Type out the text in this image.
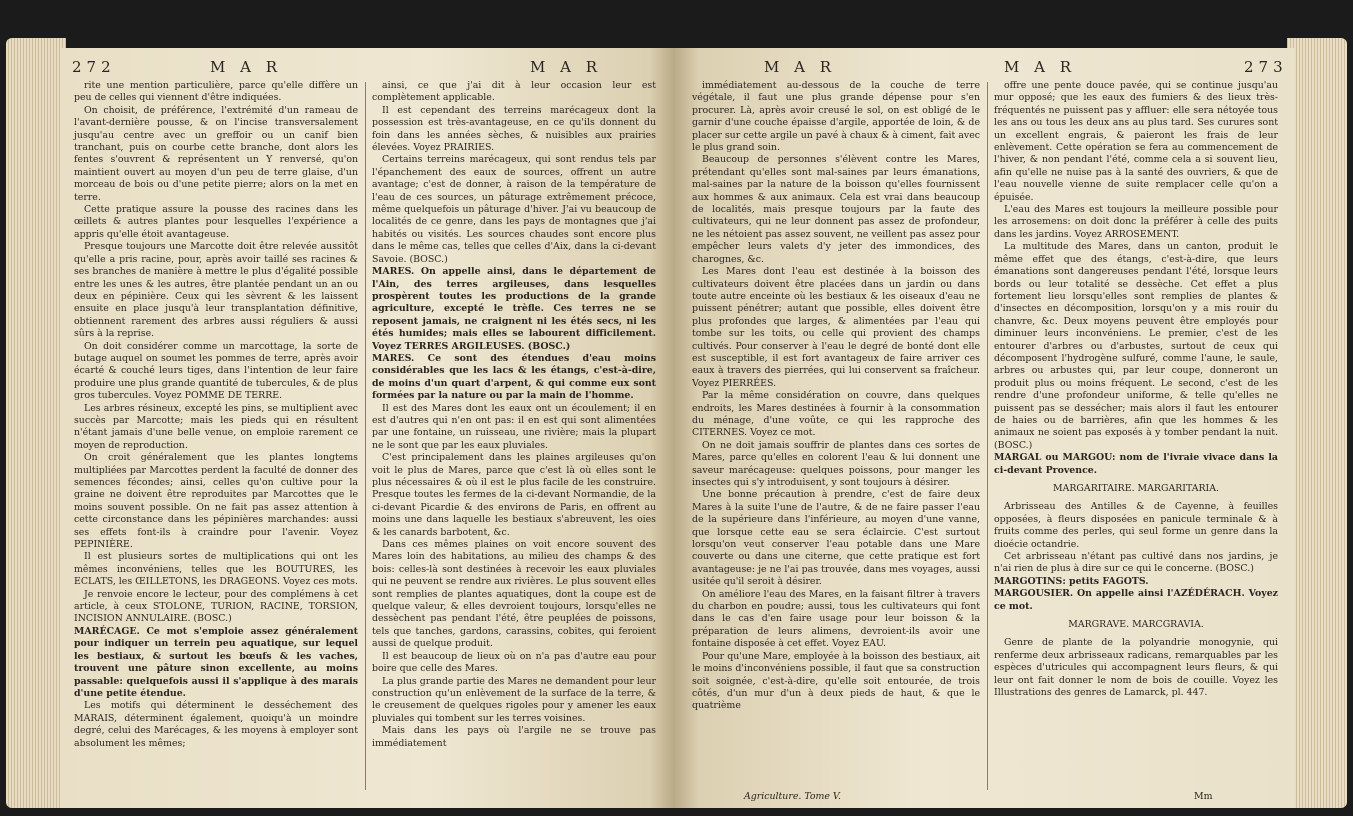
272	M A R	M A R

rite une mention particulière, parce qu'elle diffère un peu de celles qui viennent d'être indiquées.

On choisit, de préférence, l'extrémité d'un rameau de l'avant-dernière pousse, & on l'incise transversalement jusqu'au centre avec un greffoir ou un canif bien tranchant, puis on courbe cette branche, dont alors les fentes s'ouvrent & représentent un Y renversé, qu'on maintient ouvert au moyen d'un peu de terre glaise, d'un morceau de bois ou d'une petite pierre; alors on la met en terre.

Cette pratique assure la pousse des racines dans les œillets & autres plantes pour lesquelles l'expérience a appris qu'elle étoit avantageuse.

Presque toujours une Marcotte doit être relevée aussitôt qu'elle a pris racine, pour, après avoir taillé ses racines & ses branches de manière à mettre le plus d'égalité possible entre les unes & les autres, être plantée pendant un an ou deux en pépinière. Ceux qui les sèvrent & les laissent ensuite en place jusqu'à leur transplantation définitive, obtiennent rarement des arbres aussi réguliers & aussi sûrs à la reprise.

On doit considérer comme un marcottage, la sorte de butage auquel on soumet les pommes de terre, après avoir écarté & couché leurs tiges, dans l'intention de leur faire produire une plus grande quantité de tubercules, & de plus gros tubercules. Voyez POMME DE TERRE.

Les arbres résineux, excepté les pins, se multiplient avec succès par Marcotte; mais les pieds qui en résultent n'étant jamais d'une belle venue, on emploie rarement ce moyen de reproduction.

On croit généralement que les plantes longtems multipliées par Marcottes perdent la faculté de donner des semences fécondes; ainsi, celles qu'on cultive pour la graine ne doivent être reproduites par Marcottes que le moins souvent possible. On ne fait pas assez attention à cette circonstance dans les pépinières marchandes: aussi ses effets font-ils à craindre pour l'avenir. Voyez PEPINIÈRE.

Il est plusieurs sortes de multiplications qui ont les mêmes inconvéniens, telles que les BOUTURES, les ECLATS, les ŒILLETONS, les DRAGEONS. Voyez ces mots.

Je renvoie encore le lecteur, pour des complémens à cet article, à ceux STOLONE, TURION, RACINE, TORSION, INCISION ANNULAIRE. (BOSC.)

MARÉCAGE. Ce mot s'emploie assez généralement pour indiquer un terrein peu aquatique, sur lequel les bestiaux, & surtout les bœufs & les vaches, trouvent une pâture sinon excellente, au moins passable: quelquefois aussi il s'applique à des marais d'une petite étendue.

Les motifs qui déterminent le desséchement des MARAIS, déterminent également, quoiqu'à un moindre degré, celui des Marécages, & les moyens à employer sont absolument les mêmes;

ainsi, ce que j'ai dit à leur occasion leur est complètement applicable.

Il est cependant des terreins marécageux dont la possession est très-avantageuse, en ce qu'ils donnent du foin dans les années sèches, & nuisibles aux prairies élevées. Voyez PRAIRIES.

Certains terreins marécageux, qui sont rendus tels par l'épanchement des eaux de sources, offrent un autre avantage; c'est de donner, à raison de la température de l'eau de ces sources, un pâturage extrêmement précoce, même quelquefois un pâturage d'hiver. J'ai vu beaucoup de localités de ce genre, dans les pays de montagnes que j'ai habités ou visités. Les sources chaudes sont encore plus dans le même cas, telles que celles d'Aix, dans la ci-devant Savoie. (BOSC.)

MARES. On appelle ainsi, dans le département de l'Ain, des terres argileuses, dans lesquelles prospèrent toutes les productions de la grande agriculture, excepté le trèfle. Ces terres ne se reposent jamais, ne craignent ni les étés secs, ni les étés humides; mais elles se labourent difficilement. Voyez TERRES ARGILEUSES. (BOSC.)

MARES. Ce sont des étendues d'eau moins considérables que les lacs & les étangs, c'est-à-dire, de moins d'un quart d'arpent, & qui comme eux sont formées par la nature ou par la main de l'homme.

Il est des Mares dont les eaux ont un écoulement; il en est d'autres qui n'en ont pas: il en est qui sont alimentées par une fontaine, un ruisseau, une rivière; mais la plupart ne le sont que par les eaux pluviales.

C'est principalement dans les plaines argileuses qu'on voit le plus de Mares, parce que c'est là où elles sont le plus nécessaires & où il est le plus facile de les construire. Presque toutes les fermes de la ci-devant Normandie, de la ci-devant Picardie & des environs de Paris, en offrent au moins une dans laquelle les bestiaux s'abreuvent, les oies & les canards barbotent, &c.

Dans ces mêmes plaines on voit encore souvent des Mares loin des habitations, au milieu des champs & des bois: celles-là sont destinées à recevoir les eaux pluviales qui ne peuvent se rendre aux rivières. Le plus souvent elles sont remplies de plantes aquatiques, dont la coupe est de quelque valeur, & elles devroient toujours, lorsqu'elles ne dessèchent pas pendant l'été, être peuplées de poissons, tels que tanches, gardons, carassins, cobites, qui feroient aussi de quelque produit.

Il est beaucoup de lieux où on n'a pas d'autre eau pour boire que celle des Mares.

La plus grande partie des Mares ne demandent pour leur construction qu'un enlèvement de la surface de la terre, & le creusement de quelques rigoles pour y amener les eaux pluviales qui tombent sur les terres voisines.

Mais dans les pays où l'argile ne se trouve pas immédiatement

M A R	M A R	273

immédiatement au-dessous de la couche de terre végétale, il faut une plus grande dépense pour s'en procurer. Là, après avoir creusé le sol, on est obligé de le garnir d'une couche épaisse d'argile, apportée de loin, & de placer sur cette argile un pavé à chaux & à ciment, fait avec le plus grand soin.

Beaucoup de personnes s'élèvent contre les Mares, prétendant qu'elles sont mal-saines par leurs émanations, mal-saines par la nature de la boisson qu'elles fournissent aux hommes & aux animaux. Cela est vrai dans beaucoup de localités, mais presque toujours par la faute des cultivateurs, qui ne leur donnent pas assez de profondeur, ne les nétoient pas assez souvent, ne veillent pas assez pour empêcher leurs valets d'y jeter des immondices, des charognes, &c.

Les Mares dont l'eau est destinée à la boisson des cultivateurs doivent être placées dans un jardin ou dans toute autre enceinte où les bestiaux & les oiseaux d'eau ne puissent pénétrer; autant que possible, elles doivent être plus profondes que larges, & alimentées par l'eau qui tombe sur les toits, ou celle qui provient des champs cultivés. Pour conserver à l'eau le degré de bonté dont elle est susceptible, il est fort avantageux de faire arriver ces eaux à travers des pierrées, qui lui conservent sa fraîcheur. Voyez PIERRÉES.

Par la même considération on couvre, dans quelques endroits, les Mares destinées à fournir à la consommation du ménage, d'une voûte, ce qui les rapproche des CITERNES. Voyez ce mot.

On ne doit jamais souffrir de plantes dans ces sortes de Mares, parce qu'elles en colorent l'eau & lui donnent une saveur marécageuse: quelques poissons, pour manger les insectes qui s'y introduisent, y sont toujours à désirer.

Une bonne précaution à prendre, c'est de faire deux Mares à la suite l'une de l'autre, & de ne faire passer l'eau de la supérieure dans l'inférieure, au moyen d'une vanne, que lorsque cette eau se sera éclaircie. C'est surtout lorsqu'on veut conserver l'eau potable dans une Mare couverte ou dans une citerne, que cette pratique est fort avantageuse: je ne l'ai pas trouvée, dans mes voyages, aussi usitée qu'il seroit à désirer.

On améliore l'eau des Mares, en la faisant filtrer à travers du charbon en poudre; aussi, tous les cultivateurs qui font dans le cas d'en faire usage pour leur boisson & la préparation de leurs alimens, devroient-ils avoir une fontaine disposée à cet effet. Voyez EAU.

Pour qu'une Mare, employée à la boisson des bestiaux, ait le moins d'inconvéniens possible, il faut que sa construction soit soignée, c'est-à-dire, qu'elle soit entourée, de trois côtés, d'un mur d'un à deux pieds de haut, & que le quatrième

offre une pente douce pavée, qui se continue jusqu'au mur opposé; que les eaux des fumiers & des lieux très-fréquentés ne puissent pas y affluer: elle sera nétoyée tous les ans ou tous les deux ans au plus tard. Ses curures sont un excellent engrais, & paieront les frais de leur enlèvement. Cette opération se fera au commencement de l'hiver, & non pendant l'été, comme cela a si souvent lieu, afin qu'elle ne nuise pas à la santé des ouvriers, & que de l'eau nouvelle vienne de suite remplacer celle qu'on a épuisée.

L'eau des Mares est toujours la meilleure possible pour les arrosemens: on doit donc la préférer à celle des puits dans les jardins. Voyez ARROSEMENT.

La multitude des Mares, dans un canton, produit le même effet que des étangs, c'est-à-dire, que leurs émanations sont dangereuses pendant l'été, lorsque leurs bords ou leur totalité se dessèche. Cet effet a plus fortement lieu lorsqu'elles sont remplies de plantes & d'insectes en décomposition, lorsqu'on y a mis rouir du chanvre, &c. Deux moyens peuvent être employés pour diminuer leurs inconvéniens. Le premier, c'est de les entourer d'arbres ou d'arbustes, surtout de ceux qui décomposent l'hydrogène sulfuré, comme l'aune, le saule, arbres ou arbustes qui, par leur coupe, donneront un produit plus ou moins fréquent. Le second, c'est de les rendre d'une profondeur uniforme, & telle qu'elles ne puissent pas se dessécher; mais alors il faut les entourer de haies ou de barrières, afin que les hommes & les animaux ne soient pas exposés à y tomber pendant la nuit. (BOSC.)

MARGAL ou MARGOU: nom de l'ivraie vivace dans la ci-devant Provence.

MARGARITAIRE. MARGARITARIA.

Arbrisseau des Antilles & de Cayenne, à feuilles opposées, à fleurs disposées en panicule terminale & à fruits comme des perles, qui seul forme un genre dans la dioécie octandrie.

Cet arbrisseau n'étant pas cultivé dans nos jardins, je n'ai rien de plus à dire sur ce qui le concerne. (BOSC.)

MARGOTINS: petits FAGOTS.

MARGOUSIER. On appelle ainsi l'AZÉDÉRACH. Voyez ce mot.

MARGRAVE. MARCGRAVIA.

Genre de plante de la polyandrie monogynie, qui renferme deux arbrisseaux radicans, remarquables par les espèces d'utricules qui accompagnent leurs fleurs, & qui leur ont fait donner le nom de bois de couille. Voyez les Illustrations des genres de Lamarck, pl. 447.

Agriculture. Tome V.	Mm
